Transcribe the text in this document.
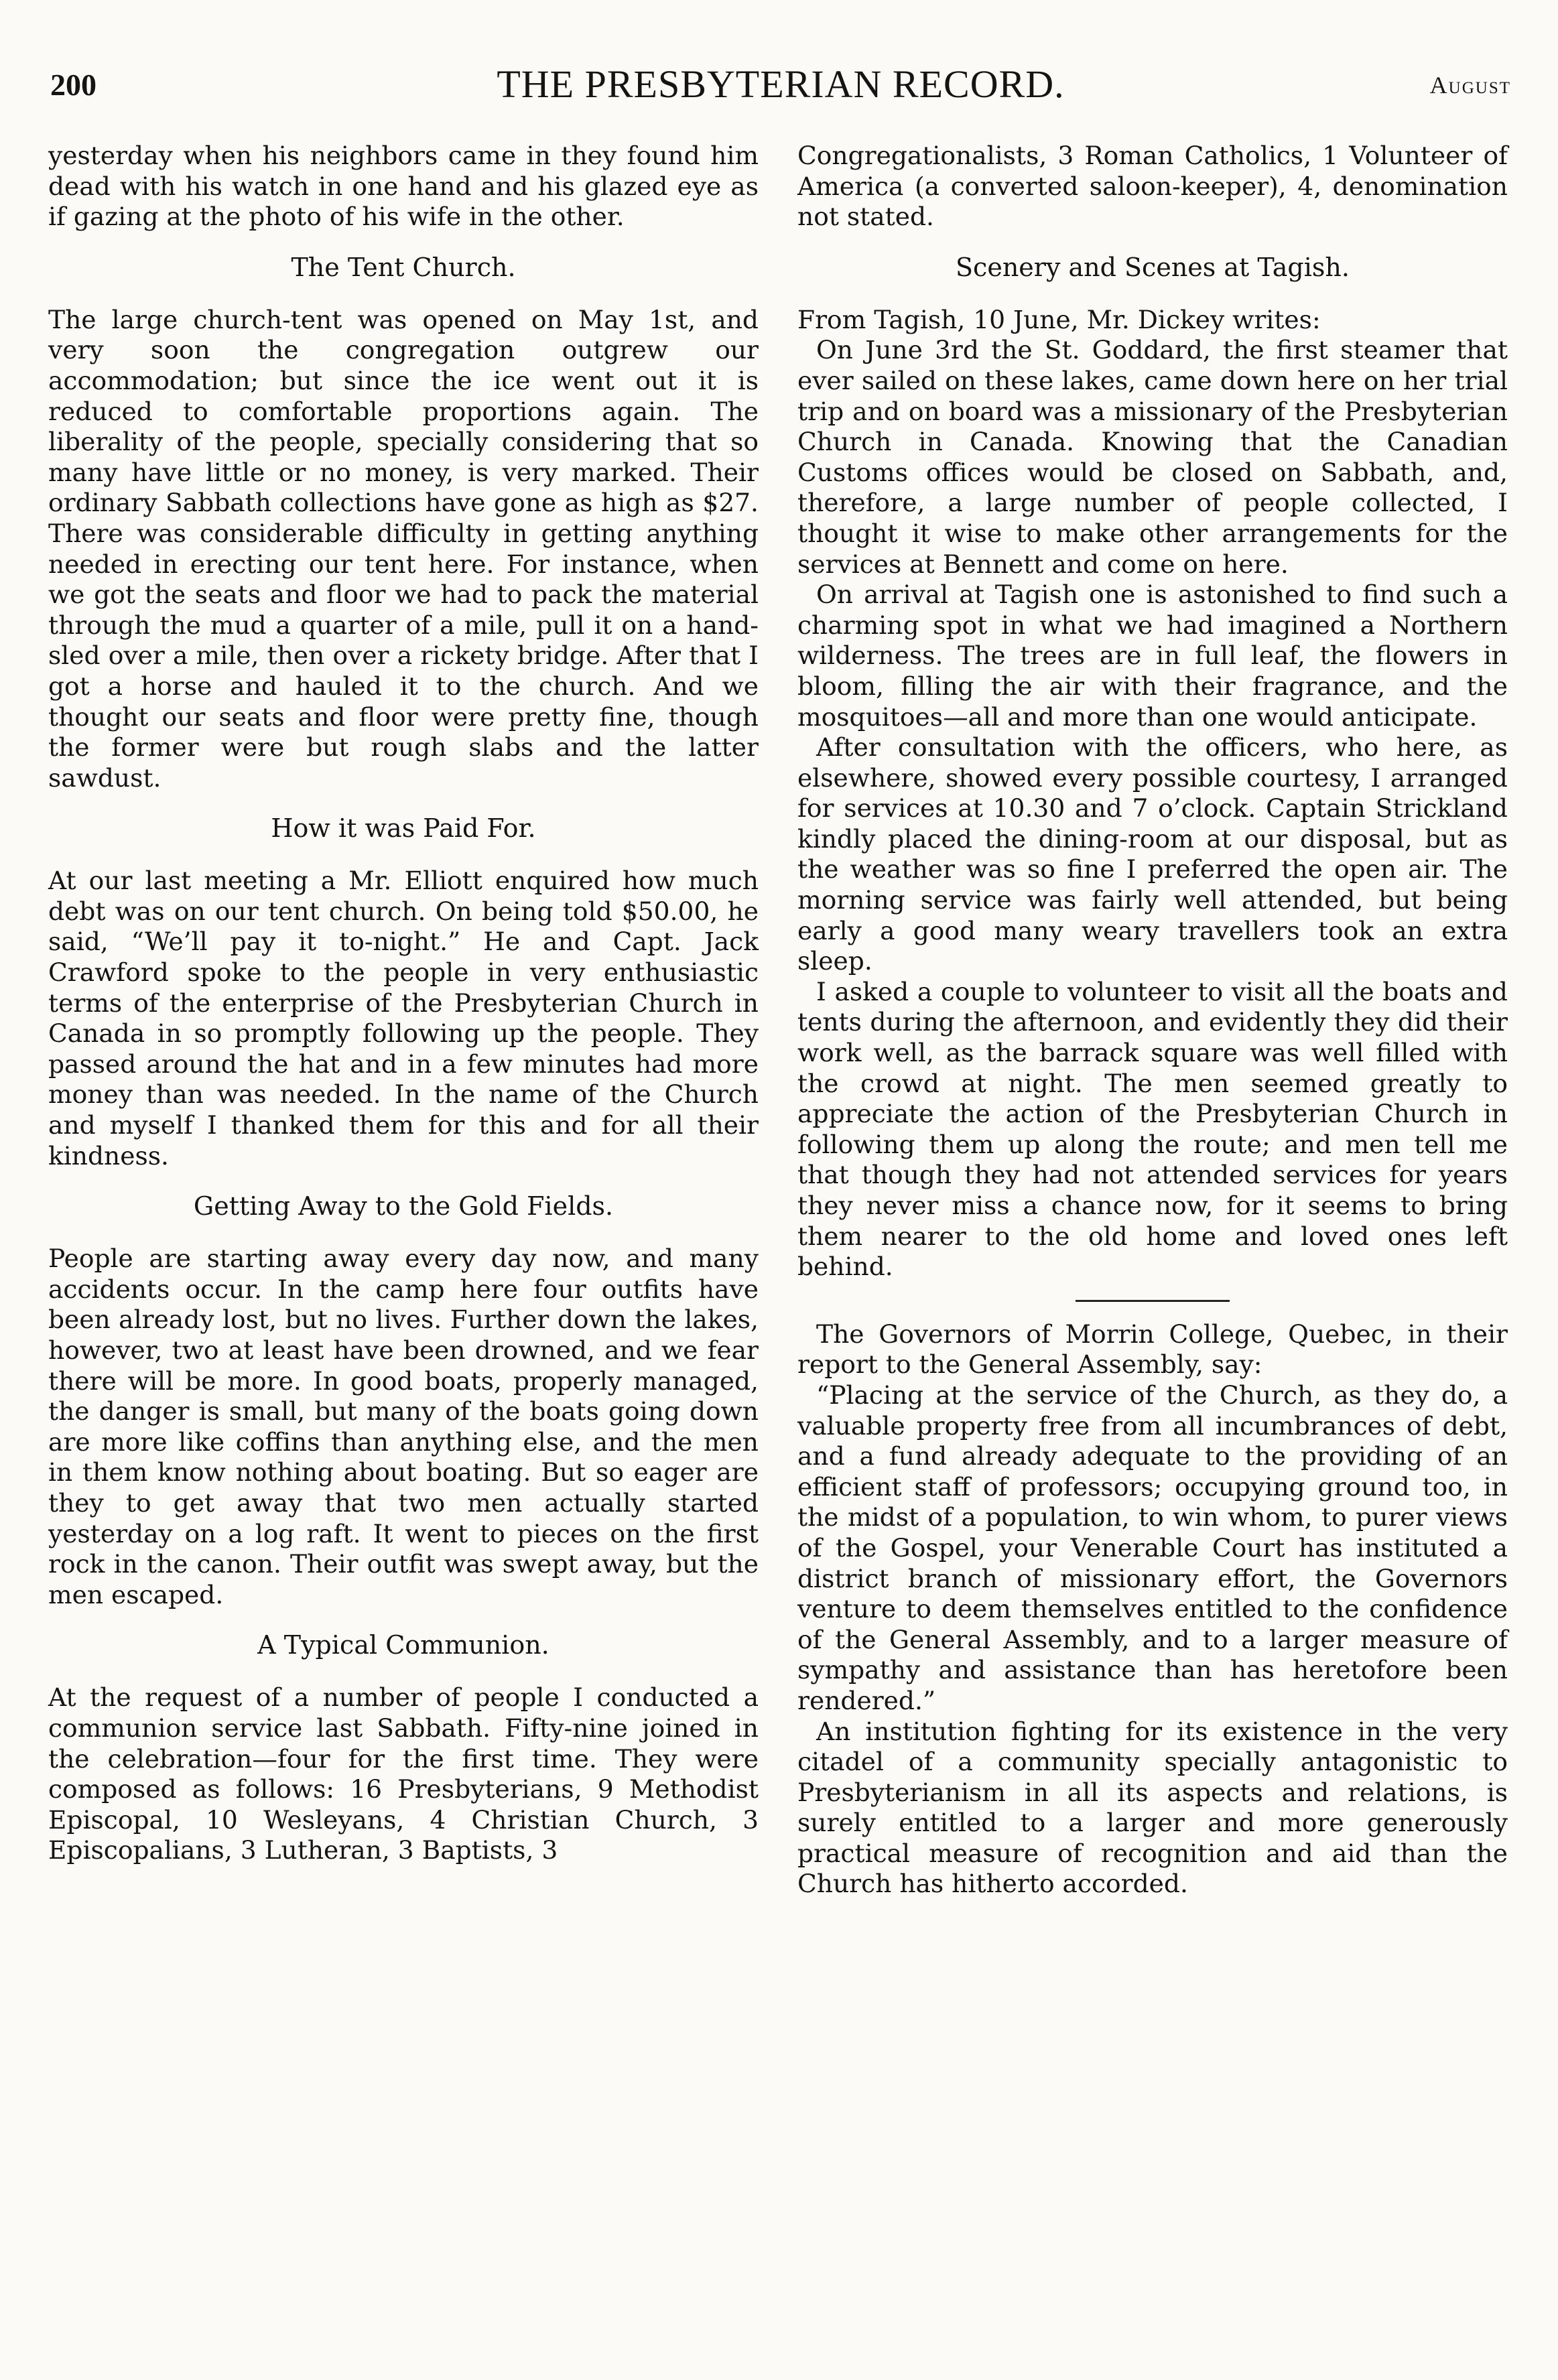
200	THE PRESBYTERIAN RECORD.	August

yesterday when his neighbors came in they found him dead with his watch in one hand and his glazed eye as if gazing at the photo of his wife in the other.

The Tent Church.

The large church-tent was opened on May 1st, and very soon the congregation outgrew our accommodation; but since the ice went out it is reduced to comfortable proportions again. The liberality of the people, specially considering that so many have little or no money, is very marked. Their ordinary Sabbath collections have gone as high as $27. There was considerable difficulty in getting anything needed in erecting our tent here. For instance, when we got the seats and floor we had to pack the material through the mud a quarter of a mile, pull it on a hand-sled over a mile, then over a rickety bridge. After that I got a horse and hauled it to the church. And we thought our seats and floor were pretty fine, though the former were but rough slabs and the latter sawdust.

How it was Paid For.

At our last meeting a Mr. Elliott enquired how much debt was on our tent church. On being told $50.00, he said, “We’ll pay it to-night.” He and Capt. Jack Crawford spoke to the people in very enthusiastic terms of the enterprise of the Presbyterian Church in Canada in so promptly following up the people. They passed around the hat and in a few minutes had more money than was needed. In the name of the Church and myself I thanked them for this and for all their kindness.

Getting Away to the Gold Fields.

People are starting away every day now, and many accidents occur. In the camp here four outfits have been already lost, but no lives. Further down the lakes, however, two at least have been drowned, and we fear there will be more. In good boats, properly managed, the danger is small, but many of the boats going down are more like coffins than anything else, and the men in them know nothing about boating. But so eager are they to get away that two men actually started yesterday on a log raft. It went to pieces on the first rock in the canon. Their outfit was swept away, but the men escaped.

A Typical Communion.

At the request of a number of people I conducted a communion service last Sabbath. Fifty-nine joined in the celebration—four for the first time. They were composed as follows: 16 Presbyterians, 9 Methodist Episcopal, 10 Wesleyans, 4 Christian Church, 3 Episcopalians, 3 Lutheran, 3 Baptists, 3

Congregationalists, 3 Roman Catholics, 1 Volunteer of America (a converted saloon-keeper), 4, denomination not stated.

Scenery and Scenes at Tagish.

From Tagish, 10 June, Mr. Dickey writes:

On June 3rd the St. Goddard, the first steamer that ever sailed on these lakes, came down here on her trial trip and on board was a missionary of the Presbyterian Church in Canada. Knowing that the Canadian Customs offices would be closed on Sabbath, and, therefore, a large number of people collected, I thought it wise to make other arrangements for the services at Bennett and come on here.

On arrival at Tagish one is astonished to find such a charming spot in what we had imagined a Northern wilderness. The trees are in full leaf, the flowers in bloom, filling the air with their fragrance, and the mosquitoes—all and more than one would anticipate.

After consultation with the officers, who here, as elsewhere, showed every possible courtesy, I arranged for services at 10.30 and 7 o’clock. Captain Strickland kindly placed the dining-room at our disposal, but as the weather was so fine I preferred the open air. The morning service was fairly well attended, but being early a good many weary travellers took an extra sleep.

I asked a couple to volunteer to visit all the boats and tents during the afternoon, and evidently they did their work well, as the barrack square was well filled with the crowd at night. The men seemed greatly to appreciate the action of the Presbyterian Church in following them up along the route; and men tell me that though they had not attended services for years they never miss a chance now, for it seems to bring them nearer to the old home and loved ones left behind.

The Governors of Morrin College, Quebec, in their report to the General Assembly, say:

“Placing at the service of the Church, as they do, a valuable property free from all incumbrances of debt, and a fund already adequate to the providing of an efficient staff of professors; occupying ground too, in the midst of a population, to win whom, to purer views of the Gospel, your Venerable Court has instituted a district branch of missionary effort, the Governors venture to deem themselves entitled to the confidence of the General Assembly, and to a larger measure of sympathy and assistance than has heretofore been rendered.”

An institution fighting for its existence in the very citadel of a community specially antagonistic to Presbyterianism in all its aspects and relations, is surely entitled to a larger and more generously practical measure of recognition and aid than the Church has hitherto accorded.
